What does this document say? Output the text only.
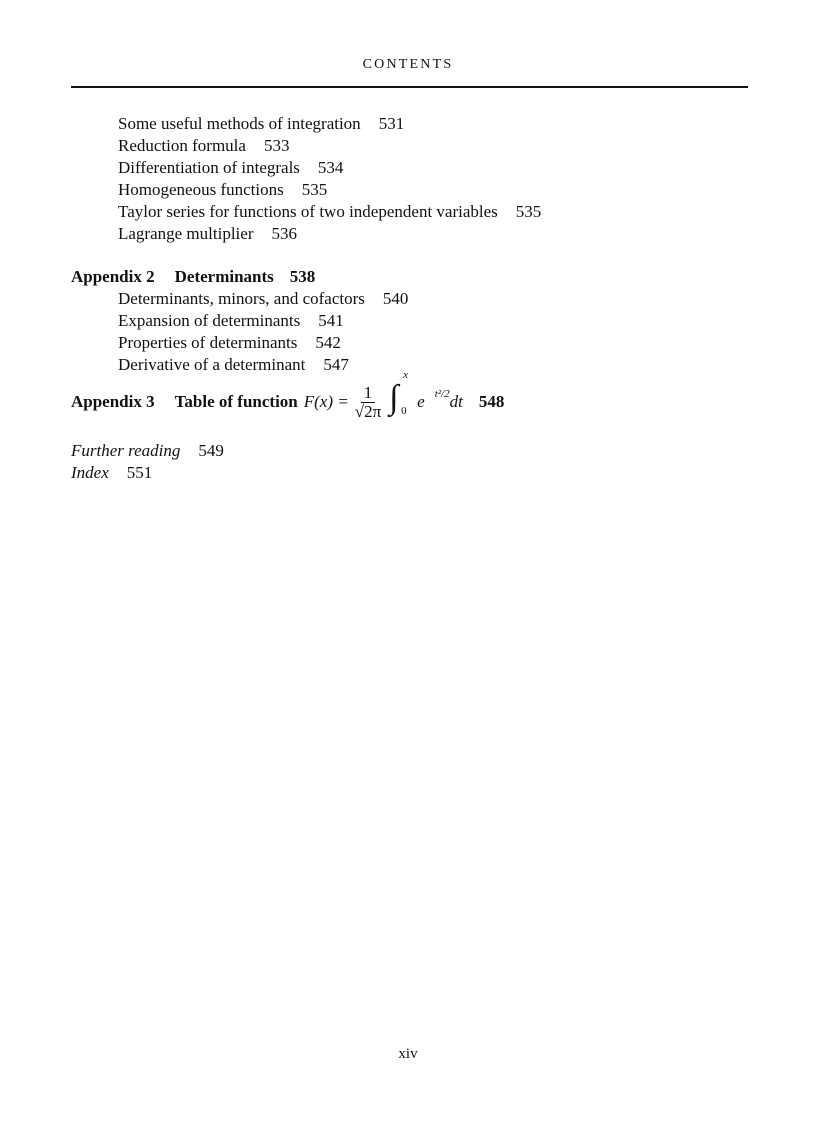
CONTENTS
Some useful methods of integration 531
Reduction formula 533
Differentiation of integrals 534
Homogeneous functions 535
Taylor series for functions of two independent variables 535
Lagrange multiplier 536
Appendix 2 Determinants 538
Determinants, minors, and cofactors 540
Expansion of determinants 541
Properties of determinants 542
Derivative of a determinant 547
Appendix 3 Table of function $F(x) = \frac{1}{√2\pi}$ ∫
x
0 e t²/2 dt 548
Further reading 549
Index 551
xiv
